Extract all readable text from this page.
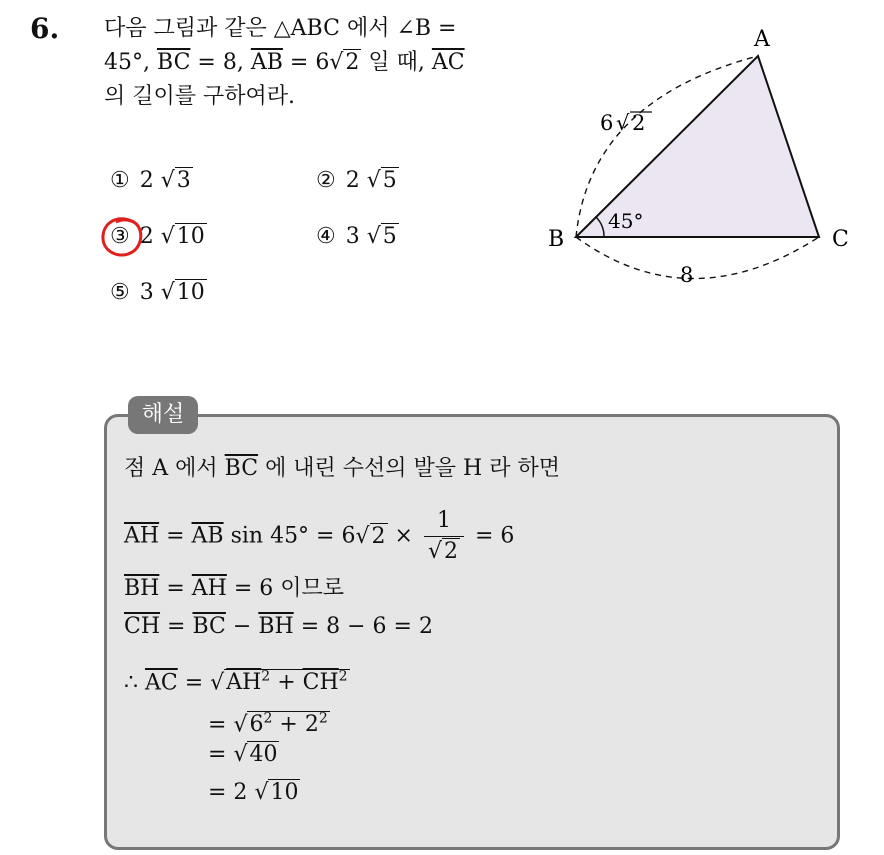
6. 다음 그림과 같은 △ABC 에서 ∠B =
45°, $\overline{BC} = 8$, $\overline{AB} = 6√2$ 일 때, $\overline{AC}$
의 길이를 구하여라.
① 2 √3	② 2 √5
③ 2 √10	④ 3 √5
⑤ 3 √10
A
B	C
45°
6 √ 2
8
해설
점 A 에서 $\overline{BC}$ 에 내린 수선의 발을 H 라 하면
$\overline{AH} = \overline{AB}$ $\sin 45^\circ = 6√2 \times \frac{1}{√2} = 6$
$\overline{BH} = \overline{AH} = 6$ 이므로
$\overline{CH} = \overline{BC} - \overline{BH} = 8 - 6 = 2$
∴ $\overline{AC} = √AH^2 + \overline{CH}^2$
= $√6^2 + 2^2$
= √40
= 2 √10
